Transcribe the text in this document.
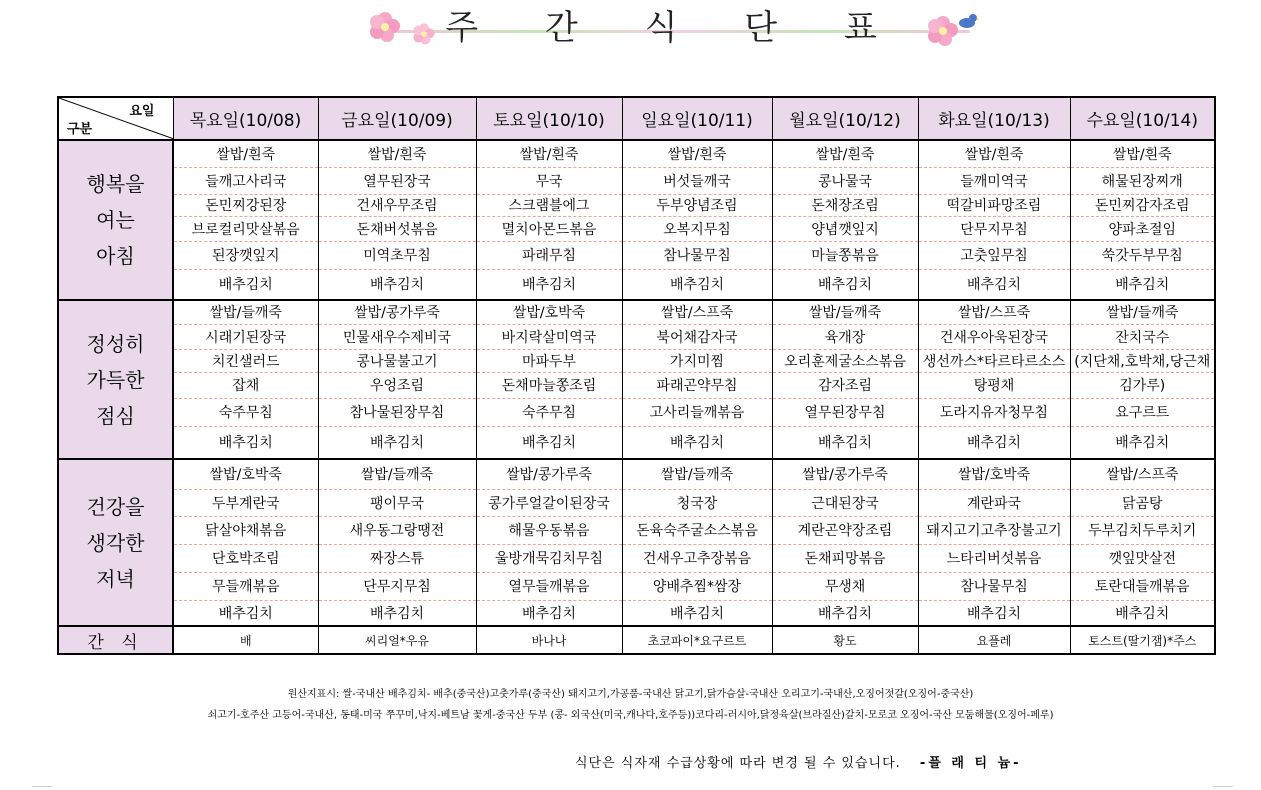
주 간 식 단 표
요일
구분	목요일(10/08)	금요일(10/09)	토요일(10/10)	일요일(10/11)	월요일(10/12)	화요일(10/13)	수요일(10/14)
행복을
여는
아침	쌀밥/흰죽	쌀밥/흰죽	쌀밥/흰죽	쌀밥/흰죽	쌀밥/흰죽	쌀밥/흰죽	쌀밥/흰죽
	들깨고사리국	열무된장국	무국	버섯들깨국	콩나물국	들깨미역국	해물된장찌개
	돈민찌강된장	건새우무조림	스크램블에그	두부양념조림	돈채장조림	떡갈비파망조림	돈민찌감자조림
	브로컬리맛살볶음	돈채버섯볶음	멸치아몬드볶음	오복지무침	양념깻잎지	단무지무침	양파초절임
	된장깻잎지	미역초무침	파래무침	참나물무침	마늘쫑볶음	고춧잎무침	쑥갓두부무침
	배추김치	배추김치	배추김치	배추김치	배추김치	배추김치	배추김치
정성히
가득한
점심	쌀밥/들깨죽	쌀밥/콩가루죽	쌀밥/호박죽	쌀밥/스프죽	쌀밥/들깨죽	쌀밥/스프죽	쌀밥/들깨죽
	시래기된장국	민물새우수제비국	바지락살미역국	북어채감자국	육개장	건새우아욱된장국	잔치국수
	치킨샐러드	콩나물불고기	마파두부	가지미찜	오리훈제굴소스볶음	생선까스*타르타르소스	(지단채,호박채,당근채
	잡채	우엉조림	돈채마늘쫑조림	파래곤약무침	감자조림	탕평채	김가루)
	숙주무침	참나물된장무침	숙주무침	고사리들깨볶음	열무된장무침	도라지유자청무침	요구르트
	배추김치	배추김치	배추김치	배추김치	배추김치	배추김치	배추김치
건강을
생각한
저녁	쌀밥/호박죽	쌀밥/들깨죽	쌀밥/콩가루죽	쌀밥/들깨죽	쌀밥/콩가루죽	쌀밥/호박죽	쌀밥/스프죽
	두부계란국	팽이무국	콩가루얼갈이된장국	청국장	근대된장국	계란파국	닭곰탕
	닭살야채볶음	새우동그랑땡전	해물우동볶음	돈육숙주굴소스볶음	계란곤약장조림	돼지고기고추장불고기	두부김치두루치기
	단호박조림	짜장스튜	울방개묵김치무침	건새우고추장볶음	돈채피망볶음	느타리버섯볶음	깻잎맛살전
	무들깨볶음	단무지무침	열무들깨볶음	양배추찜*쌈장	무생채	참나물무침	토란대들깨볶음
	배추김치	배추김치	배추김치	배추김치	배추김치	배추김치	배추김치
간 식	배	씨리얼*우유	바나나	초코파이*요구르트	황도	요플레	토스트(딸기잼)*주스
원산지표시: 쌀-국내산 배추김치- 배추(중국산)고춧가루(중국산) 돼지고기,가공품-국내산 닭고기,닭가슴살-국내산 오리고기-국내산,오징어젓갈(오징어-중국산)
쇠고기-호주산 고등어-국내산, 동태-미국 쭈꾸미,낙지-베트남 꽃게-중국산 두부 (콩- 외국산(미국,캐나다,호주등))코다리-러시아,닭정육살(브라질산)갈치-모로코 오징어-국산 모둠해물(오징어-페루)
식단은 식자재 수급상황에 따라 변경 될 수 있습니다. -플 래 티 늄-
